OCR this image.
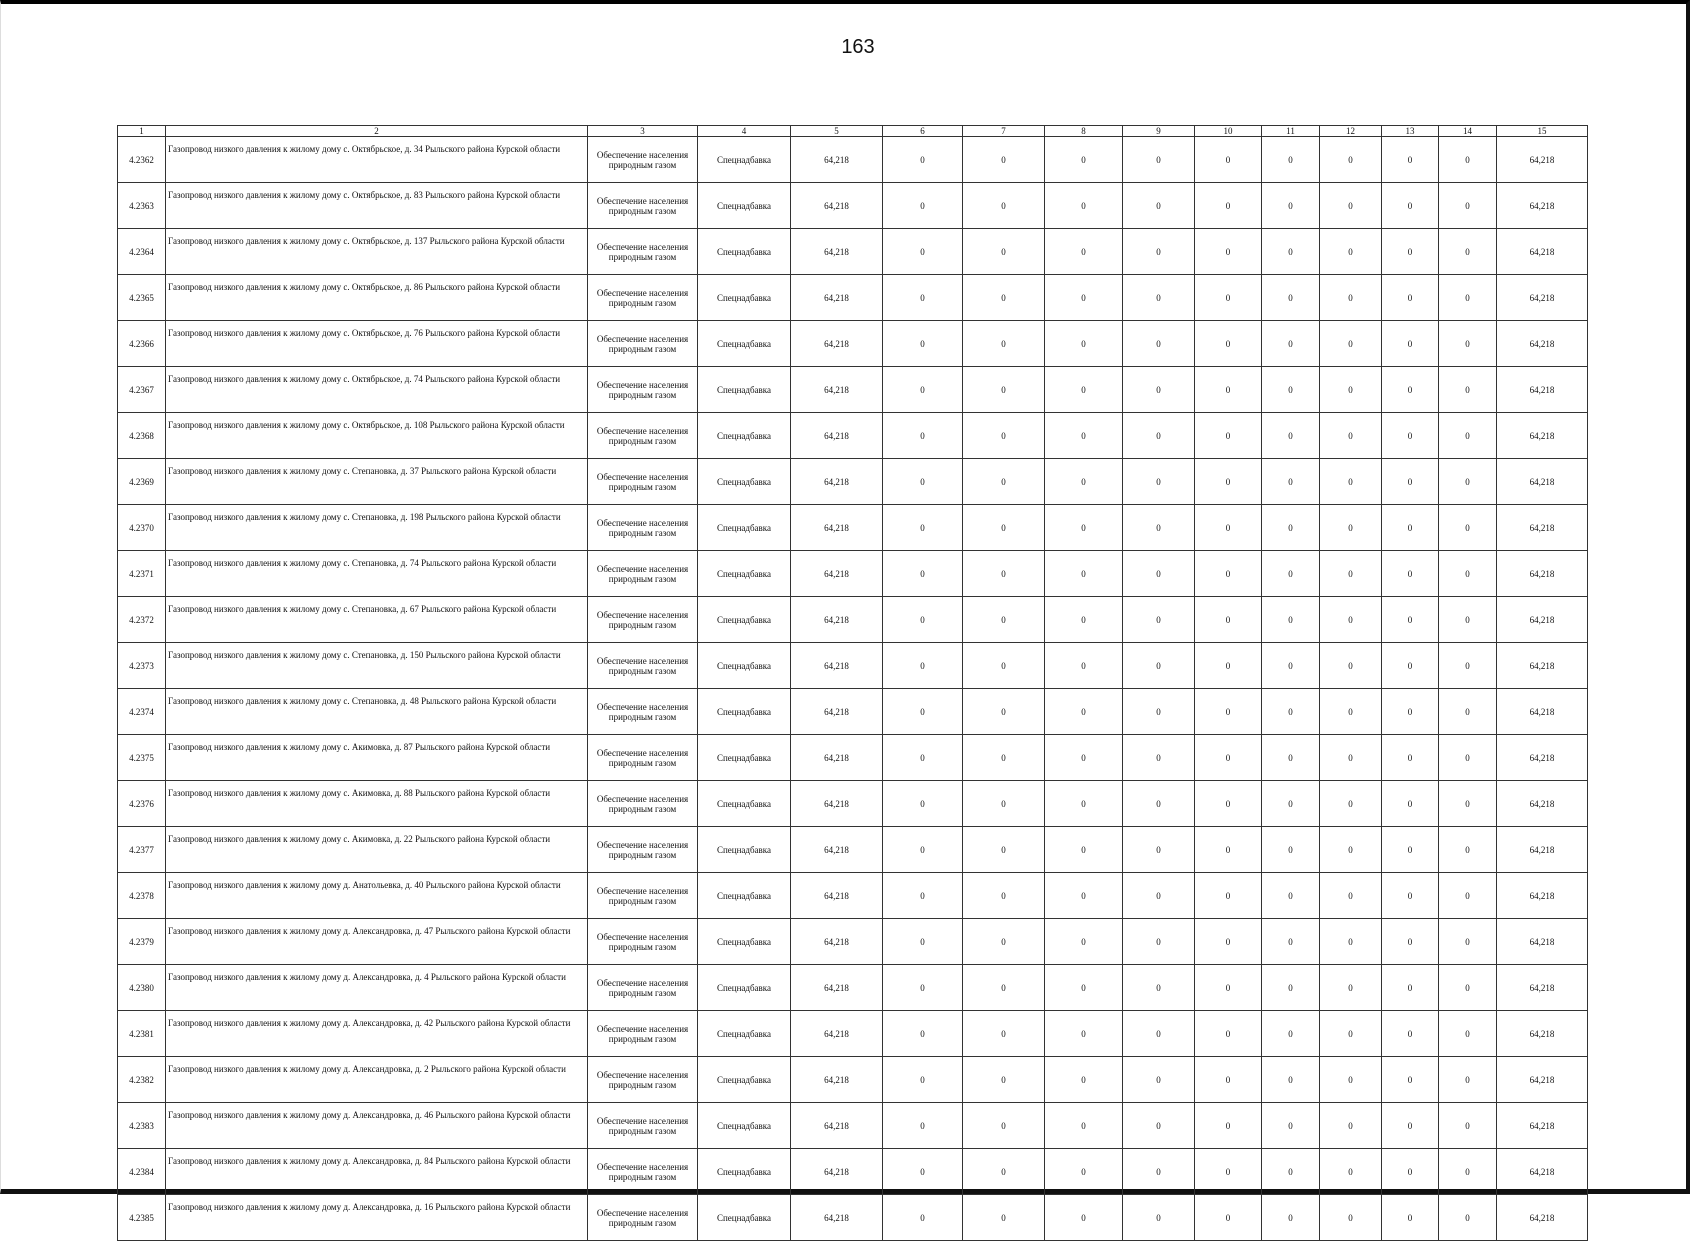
163
1	2	3	4	5	6	7	8	9	10	11	12	13	14	15
4.2362	Газопровод низкого давления к жилому дому с. Октябрьское, д. 34 Рыльского района Курской области	Обеспечение населения природным газом	Спецнадбавка	64,218	0	0	0	0	0	0	0	0	0	64,218
4.2363	Газопровод низкого давления к жилому дому с. Октябрьское, д. 83 Рыльского района Курской области	Обеспечение населения природным газом	Спецнадбавка	64,218	0	0	0	0	0	0	0	0	0	64,218
4.2364	Газопровод низкого давления к жилому дому с. Октябрьское, д. 137 Рыльского района Курской области	Обеспечение населения природным газом	Спецнадбавка	64,218	0	0	0	0	0	0	0	0	0	64,218
4.2365	Газопровод низкого давления к жилому дому с. Октябрьское, д. 86 Рыльского района Курской области	Обеспечение населения природным газом	Спецнадбавка	64,218	0	0	0	0	0	0	0	0	0	64,218
4.2366	Газопровод низкого давления к жилому дому с. Октябрьское, д. 76 Рыльского района Курской области	Обеспечение населения природным газом	Спецнадбавка	64,218	0	0	0	0	0	0	0	0	0	64,218
4.2367	Газопровод низкого давления к жилому дому с. Октябрьское, д. 74 Рыльского района Курской области	Обеспечение населения природным газом	Спецнадбавка	64,218	0	0	0	0	0	0	0	0	0	64,218
4.2368	Газопровод низкого давления к жилому дому с. Октябрьское, д. 108 Рыльского района Курской области	Обеспечение населения природным газом	Спецнадбавка	64,218	0	0	0	0	0	0	0	0	0	64,218
4.2369	Газопровод низкого давления к жилому дому с. Степановка, д. 37 Рыльского района Курской области	Обеспечение населения природным газом	Спецнадбавка	64,218	0	0	0	0	0	0	0	0	0	64,218
4.2370	Газопровод низкого давления к жилому дому с. Степановка, д. 198 Рыльского района Курской области	Обеспечение населения природным газом	Спецнадбавка	64,218	0	0	0	0	0	0	0	0	0	64,218
4.2371	Газопровод низкого давления к жилому дому с. Степановка, д. 74 Рыльского района Курской области	Обеспечение населения природным газом	Спецнадбавка	64,218	0	0	0	0	0	0	0	0	0	64,218
4.2372	Газопровод низкого давления к жилому дому с. Степановка, д. 67 Рыльского района Курской области	Обеспечение населения природным газом	Спецнадбавка	64,218	0	0	0	0	0	0	0	0	0	64,218
4.2373	Газопровод низкого давления к жилому дому с. Степановка, д. 150 Рыльского района Курской области	Обеспечение населения природным газом	Спецнадбавка	64,218	0	0	0	0	0	0	0	0	0	64,218
4.2374	Газопровод низкого давления к жилому дому с. Степановка, д. 48 Рыльского района Курской области	Обеспечение населения природным газом	Спецнадбавка	64,218	0	0	0	0	0	0	0	0	0	64,218
4.2375	Газопровод низкого давления к жилому дому с. Акимовка, д. 87 Рыльского района Курской области	Обеспечение населения природным газом	Спецнадбавка	64,218	0	0	0	0	0	0	0	0	0	64,218
4.2376	Газопровод низкого давления к жилому дому с. Акимовка, д. 88 Рыльского района Курской области	Обеспечение населения природным газом	Спецнадбавка	64,218	0	0	0	0	0	0	0	0	0	64,218
4.2377	Газопровод низкого давления к жилому дому с. Акимовка, д. 22 Рыльского района Курской области	Обеспечение населения природным газом	Спецнадбавка	64,218	0	0	0	0	0	0	0	0	0	64,218
4.2378	Газопровод низкого давления к жилому дому д. Анатольевка, д. 40 Рыльского района Курской области	Обеспечение населения природным газом	Спецнадбавка	64,218	0	0	0	0	0	0	0	0	0	64,218
4.2379	Газопровод низкого давления к жилому дому д. Александровка, д. 47 Рыльского района Курской области	Обеспечение населения природным газом	Спецнадбавка	64,218	0	0	0	0	0	0	0	0	0	64,218
4.2380	Газопровод низкого давления к жилому дому д. Александровка, д. 4 Рыльского района Курской области	Обеспечение населения природным газом	Спецнадбавка	64,218	0	0	0	0	0	0	0	0	0	64,218
4.2381	Газопровод низкого давления к жилому дому д. Александровка, д. 42 Рыльского района Курской области	Обеспечение населения природным газом	Спецнадбавка	64,218	0	0	0	0	0	0	0	0	0	64,218
4.2382	Газопровод низкого давления к жилому дому д. Александровка, д. 2 Рыльского района Курской области	Обеспечение населения природным газом	Спецнадбавка	64,218	0	0	0	0	0	0	0	0	0	64,218
4.2383	Газопровод низкого давления к жилому дому д. Александровка, д. 46 Рыльского района Курской области	Обеспечение населения природным газом	Спецнадбавка	64,218	0	0	0	0	0	0	0	0	0	64,218
4.2384	Газопровод низкого давления к жилому дому д. Александровка, д. 84 Рыльского района Курской области	Обеспечение населения природным газом	Спецнадбавка	64,218	0	0	0	0	0	0	0	0	0	64,218
4.2385	Газопровод низкого давления к жилому дому д. Александровка, д. 16 Рыльского района Курской области	Обеспечение населения природным газом	Спецнадбавка	64,218	0	0	0	0	0	0	0	0	0	64,218
